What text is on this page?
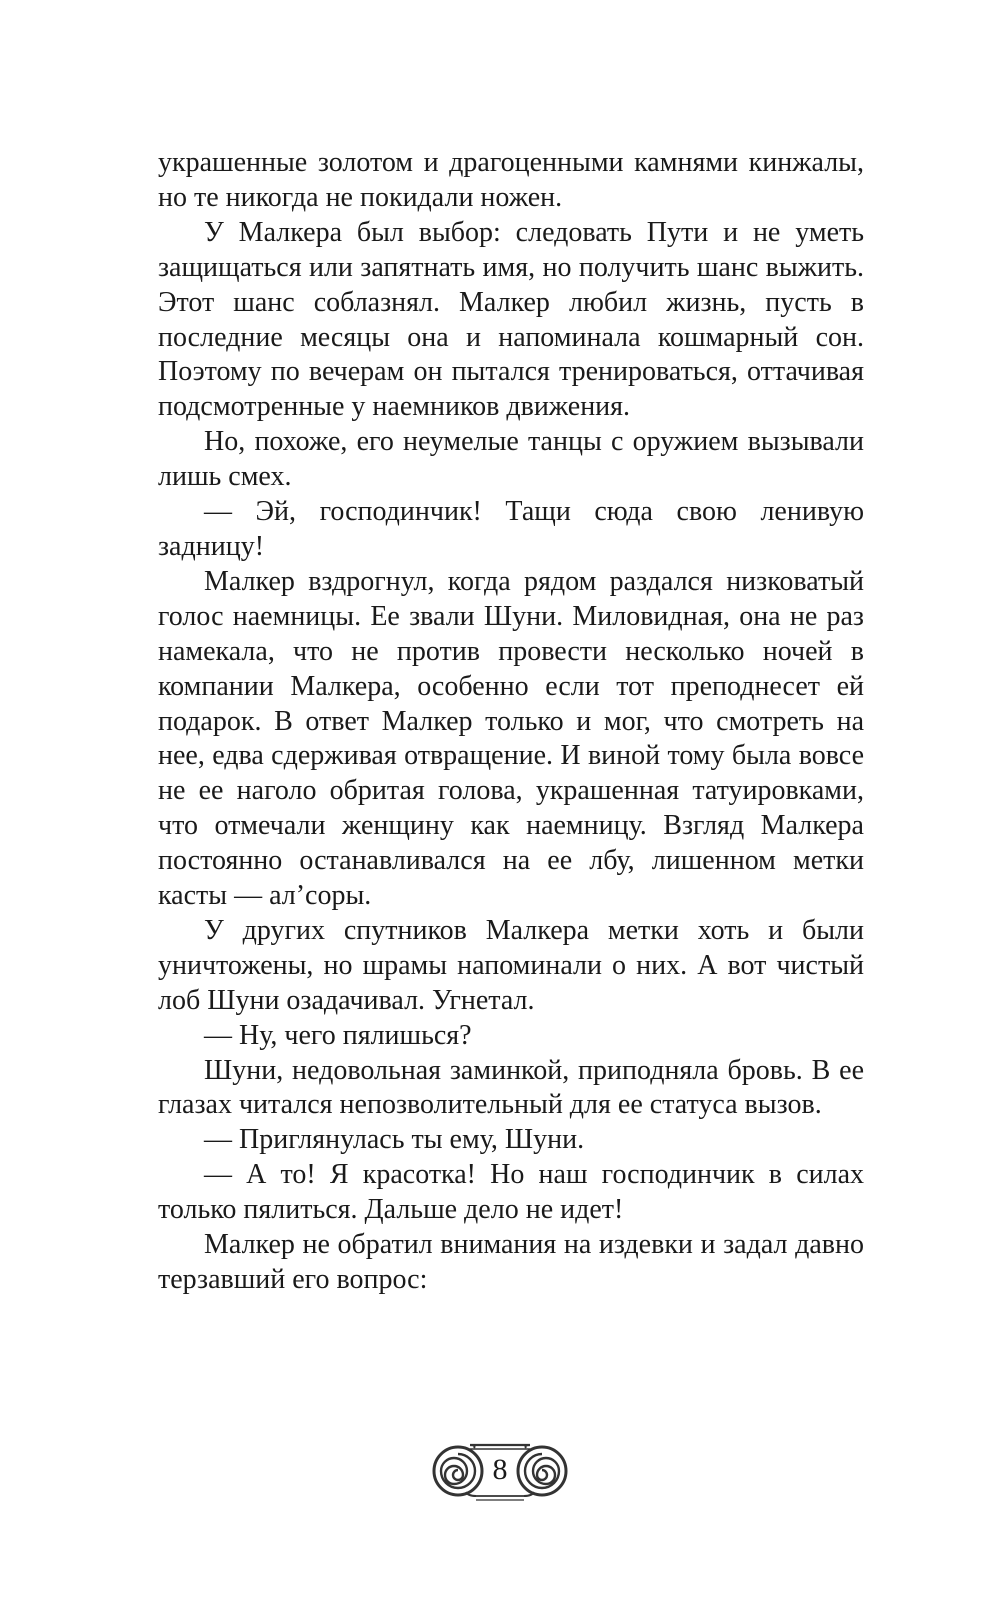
украшенные золотом и драгоценными камнями кинжалы, но те никогда не покидали ножен.

У Малкера был выбор: следовать Пути и не уметь защищаться или запятнать имя, но получить шанс выжить. Этот шанс соблазнял. Малкер любил жизнь, пусть в последние месяцы она и напоминала кошмарный сон. Поэтому по вечерам он пытался тренироваться, оттачивая подсмотренные у наемников движения.

Но, похоже, его неумелые танцы с оружием вызывали лишь смех.

— Эй, господинчик! Тащи сюда свою ленивую задницу!

Малкер вздрогнул, когда рядом раздался низковатый голос наемницы. Ее звали Шуни. Миловидная, она не раз намекала, что не против провести несколько ночей в компании Малкера, особенно если тот преподнесет ей подарок. В ответ Малкер только и мог, что смотреть на нее, едва сдерживая отвращение. И виной тому была вовсе не ее наголо обритая голова, украшенная татуировками, что отмечали женщину как наемницу. Взгляд Малкера постоянно останавливался на ее лбу, лишенном метки касты — ал’соры.

У других спутников Малкера метки хоть и были уничтожены, но шрамы напоминали о них. А вот чистый лоб Шуни озадачивал. Угнетал.

— Ну, чего пялишься?

Шуни, недовольная заминкой, приподняла бровь. В ее глазах читался непозволительный для ее статуса вызов.

— Приглянулась ты ему, Шуни.

— А то! Я красотка! Но наш господинчик в силах только пялиться. Дальше дело не идет!

Малкер не обратил внимания на издевки и задал давно терзавший его вопрос:

8
